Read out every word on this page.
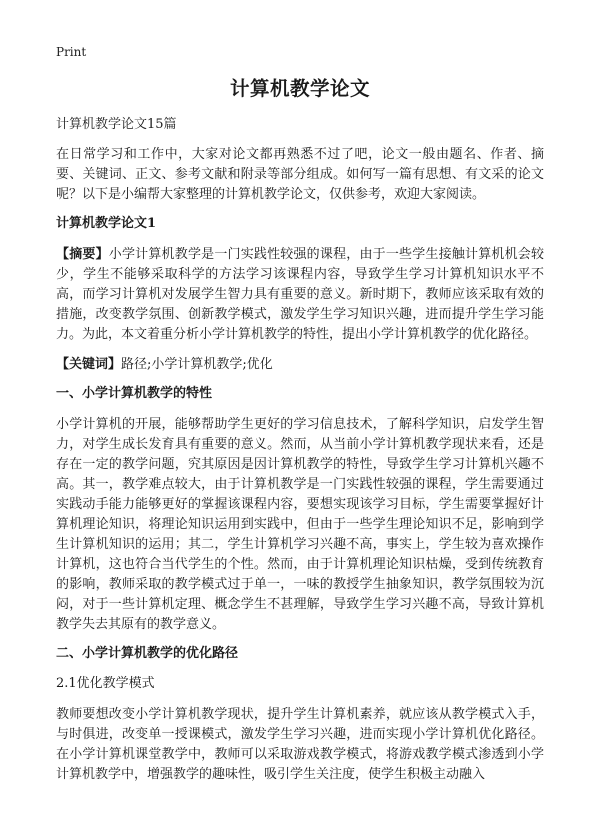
Print
计算机教学论文
计算机教学论文15篇

在日常学习和工作中，大家对论文都再熟悉不过了吧，论文一般由题名、作者、摘要、关键词、正文、参考文献和附录等部分组成。如何写一篇有思想、有文采的论文呢？以下是小编帮大家整理的计算机教学论文，仅供参考，欢迎大家阅读。

计算机教学论文1

【摘要】小学计算机教学是一门实践性较强的课程，由于一些学生接触计算机机会较少，学生不能够采取科学的方法学习该课程内容，导致学生学习计算机知识水平不高，而学习计算机对发展学生智力具有重要的意义。新时期下，教师应该采取有效的措施，改变教学氛围、创新教学模式，激发学生学习知识兴趣，进而提升学生学习能力。为此，本文着重分析小学计算机教学的特性，提出小学计算机教学的优化路径。

【关键词】路径;小学计算机教学;优化

一、小学计算机教学的特性

小学计算机的开展，能够帮助学生更好的学习信息技术，了解科学知识，启发学生智力，对学生成长发育具有重要的意义。然而，从当前小学计算机教学现状来看，还是存在一定的教学问题，究其原因是因计算机教学的特性，导致学生学习计算机兴趣不高。其一，教学难点较大，由于计算机教学是一门实践性较强的课程，学生需要通过实践动手能力能够更好的掌握该课程内容，要想实现该学习目标，学生需要掌握好计算机理论知识，将理论知识运用到实践中，但由于一些学生理论知识不足，影响到学生计算机知识的运用；其二，学生计算机学习兴趣不高，事实上，学生较为喜欢操作计算机，这也符合当代学生的个性。然而，由于计算机理论知识枯燥，受到传统教育的影响，教师采取的教学模式过于单一，一味的教授学生抽象知识，教学氛围较为沉闷，对于一些计算机定理、概念学生不甚理解，导致学生学习兴趣不高，导致计算机教学失去其原有的教学意义。

二、小学计算机教学的优化路径
2.1优化教学模式

教师要想改变小学计算机教学现状，提升学生计算机素养，就应该从教学模式入手，与时俱进，改变单一授课模式，激发学生学习兴趣，进而实现小学计算机优化路径。在小学计算机课堂教学中，教师可以采取游戏教学模式，将游戏教学模式渗透到小学计算机教学中，增强教学的趣味性，吸引学生关注度，使学生积极主动融入
